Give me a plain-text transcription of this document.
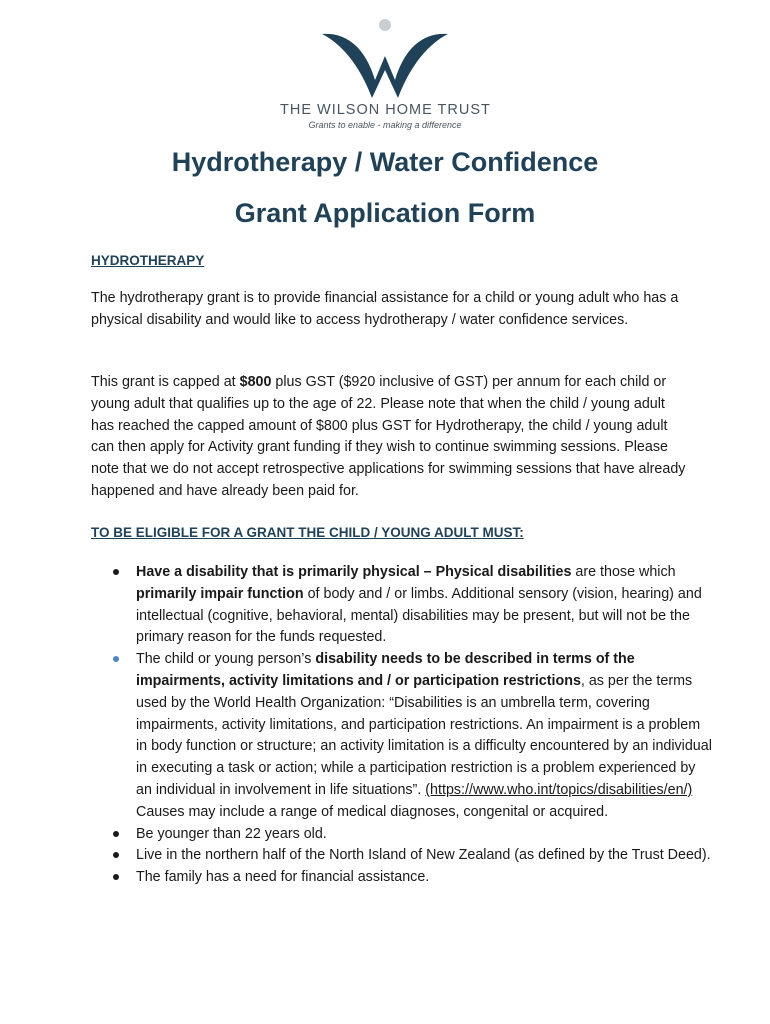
THE WILSON HOME TRUST
Grants to enable - making a difference
Hydrotherapy / Water Confidence
Grant Application Form
HYDROTHERAPY
The hydrotherapy grant is to provide financial assistance for a child or young adult who has a physical disability and would like to access hydrotherapy / water confidence services.
This grant is capped at $800 plus GST ($920 inclusive of GST) per annum for each child or young adult that qualifies up to the age of 22. Please note that when the child / young adult has reached the capped amount of $800 plus GST for Hydrotherapy, the child / young adult can then apply for Activity grant funding if they wish to continue swimming sessions. Please note that we do not accept retrospective applications for swimming sessions that have already happened and have already been paid for.
TO BE ELIGIBLE FOR A GRANT THE CHILD / YOUNG ADULT MUST:
Have a disability that is primarily physical – Physical disabilities are those which primarily impair function of body and / or limbs. Additional sensory (vision, hearing) and intellectual (cognitive, behavioral, mental) disabilities may be present, but will not be the primary reason for the funds requested.
The child or young person’s disability needs to be described in terms of the impairments, activity limitations and / or participation restrictions, as per the terms used by the World Health Organization: “Disabilities is an umbrella term, covering impairments, activity limitations, and participation restrictions. An impairment is a problem in body function or structure; an activity limitation is a difficulty encountered by an individual in executing a task or action; while a participation restriction is a problem experienced by an individual in involvement in life situations”. (https://www.who.int/topics/disabilities/en/)
Causes may include a range of medical diagnoses, congenital or acquired.
Be younger than 22 years old.
Live in the northern half of the North Island of New Zealand (as defined by the Trust Deed).
The family has a need for financial assistance.
